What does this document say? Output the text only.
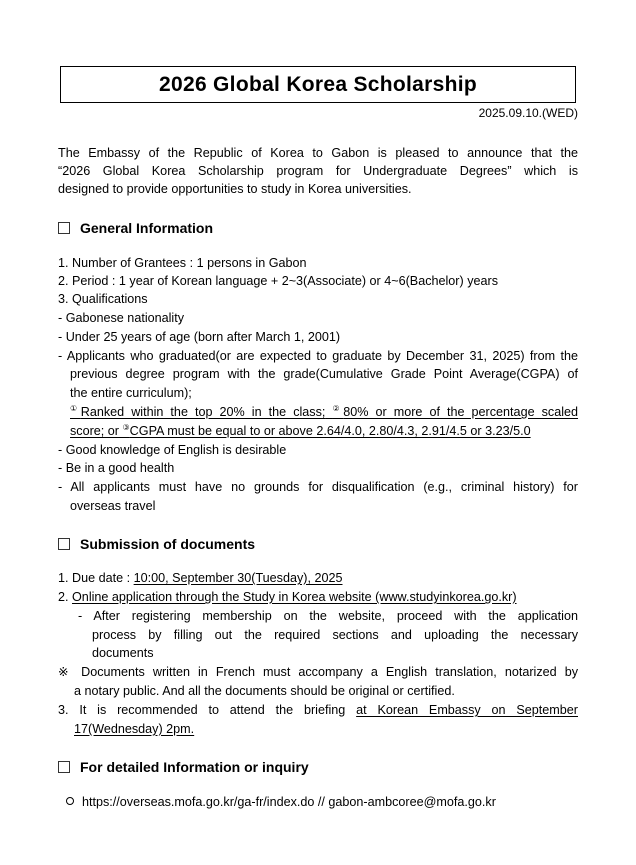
2026 Global Korea Scholarship
2025.09.10.(WED)
The Embassy of the Republic of Korea to Gabon is pleased to announce that the
“2026 Global Korea Scholarship program for Undergraduate Degrees” which is
designed to provide opportunities to study in Korea universities.
General Information
1. Number of Grantees : 1 persons in Gabon
2. Period : 1 year of Korean language + 2~3(Associate) or 4~6(Bachelor) years
3. Qualifications
- Gabonese nationality
- Under 25 years of age (born after March 1, 2001)
- Applicants who graduated(or are expected to graduate by December 31, 2025) from the
previous degree program with the grade(Cumulative Grade Point Average(CGPA) of
the entire curriculum);
①Ranked within the top 20% in the class; ②80% or more of the percentage scaled
score; or ③CGPA must be equal to or above 2.64/4.0, 2.80/4.3, 2.91/4.5 or 3.23/5.0
- Good knowledge of English is desirable
- Be in a good health
- All applicants must have no grounds for disqualification (e.g., criminal history) for
overseas travel
Submission of documents
1. Due date : 10:00, September 30(Tuesday), 2025
2. Online application through the Study in Korea website (www.studyinkorea.go.kr)
- After registering membership on the website, proceed with the application
process by filling out the required sections and uploading the necessary
documents
※ Documents written in French must accompany a English translation, notarized by
a notary public. And all the documents should be original or certified.
3. It is recommended to attend the briefing at Korean Embassy on September
17(Wednesday) 2pm.
For detailed Information or inquiry
https://overseas.mofa.go.kr/ga-fr/index.do // gabon-ambcoree@mofa.go.kr
